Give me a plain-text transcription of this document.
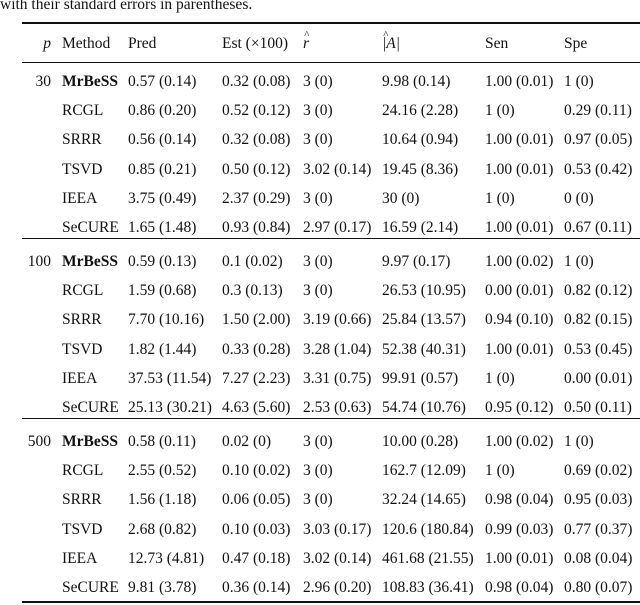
with their standard errors in parentheses.
p Method Pred	Est (×100) r ^	|A| ^	Sen	Spe
30 MrBeSS 0.57 (0.14) 0.32 (0.08) 3 (0)	9.98 (0.14) 1.00 (0.01) 1 (0)
RCGL 0.86 (0.20) 0.52 (0.12) 3 (0)	24.16 (2.28) 1 (0)	0.29 (0.11)
SRRR 0.56 (0.14) 0.32 (0.08) 3 (0)	10.64 (0.94) 1.00 (0.01) 0.97 (0.05)
TSVD 0.85 (0.21) 0.50 (0.12) 3.02 (0.14) 19.45 (8.36) 1.00 (0.01) 0.53 (0.42)
IEEA 3.75 (0.49) 2.37 (0.29) 3 (0)	30 (0)	1 (0)	0 (0)
SeCURE 1.65 (1.48) 0.93 (0.84) 2.97 (0.17) 16.59 (2.14) 1.00 (0.01) 0.67 (0.11)
100 MrBeSS 0.59 (0.13) 0.1 (0.02) 3 (0)	9.97 (0.17) 1.00 (0.02) 1 (0)
RCGL 1.59 (0.68) 0.3 (0.13) 3 (0)	26.53 (10.95) 0.00 (0.01) 0.82 (0.12)
SRRR 7.70 (10.16) 1.50 (2.00) 3.19 (0.66) 25.84 (13.57) 0.94 (0.10) 0.82 (0.15)
TSVD 1.82 (1.44) 0.33 (0.28) 3.28 (1.04) 52.38 (40.31) 1.00 (0.01) 0.53 (0.45)
IEEA 37.53 (11.54) 7.27 (2.23) 3.31 (0.75) 99.91 (0.57) 1 (0)	0.00 (0.01)
SeCURE 25.13 (30.21) 4.63 (5.60) 2.53 (0.63) 54.74 (10.76) 0.95 (0.12) 0.50 (0.11)
500 MrBeSS 0.58 (0.11) 0.02 (0) 3 (0)	10.00 (0.28) 1.00 (0.02) 1 (0)
RCGL 2.55 (0.52) 0.10 (0.02) 3 (0)	162.7 (12.09) 1 (0)	0.69 (0.02)
SRRR 1.56 (1.18) 0.06 (0.05) 3 (0)	32.24 (14.65) 0.98 (0.04) 0.95 (0.03)
TSVD 2.68 (0.82) 0.10 (0.03) 3.03 (0.17) 120.6 (180.84) 0.99 (0.03) 0.77 (0.37)
IEEA 12.73 (4.81) 0.47 (0.18) 3.02 (0.14) 461.68 (21.55) 1.00 (0.01) 0.08 (0.04)
SeCURE 9.81 (3.78) 0.36 (0.14) 2.96 (0.20) 108.83 (36.41) 0.98 (0.04) 0.80 (0.07)
